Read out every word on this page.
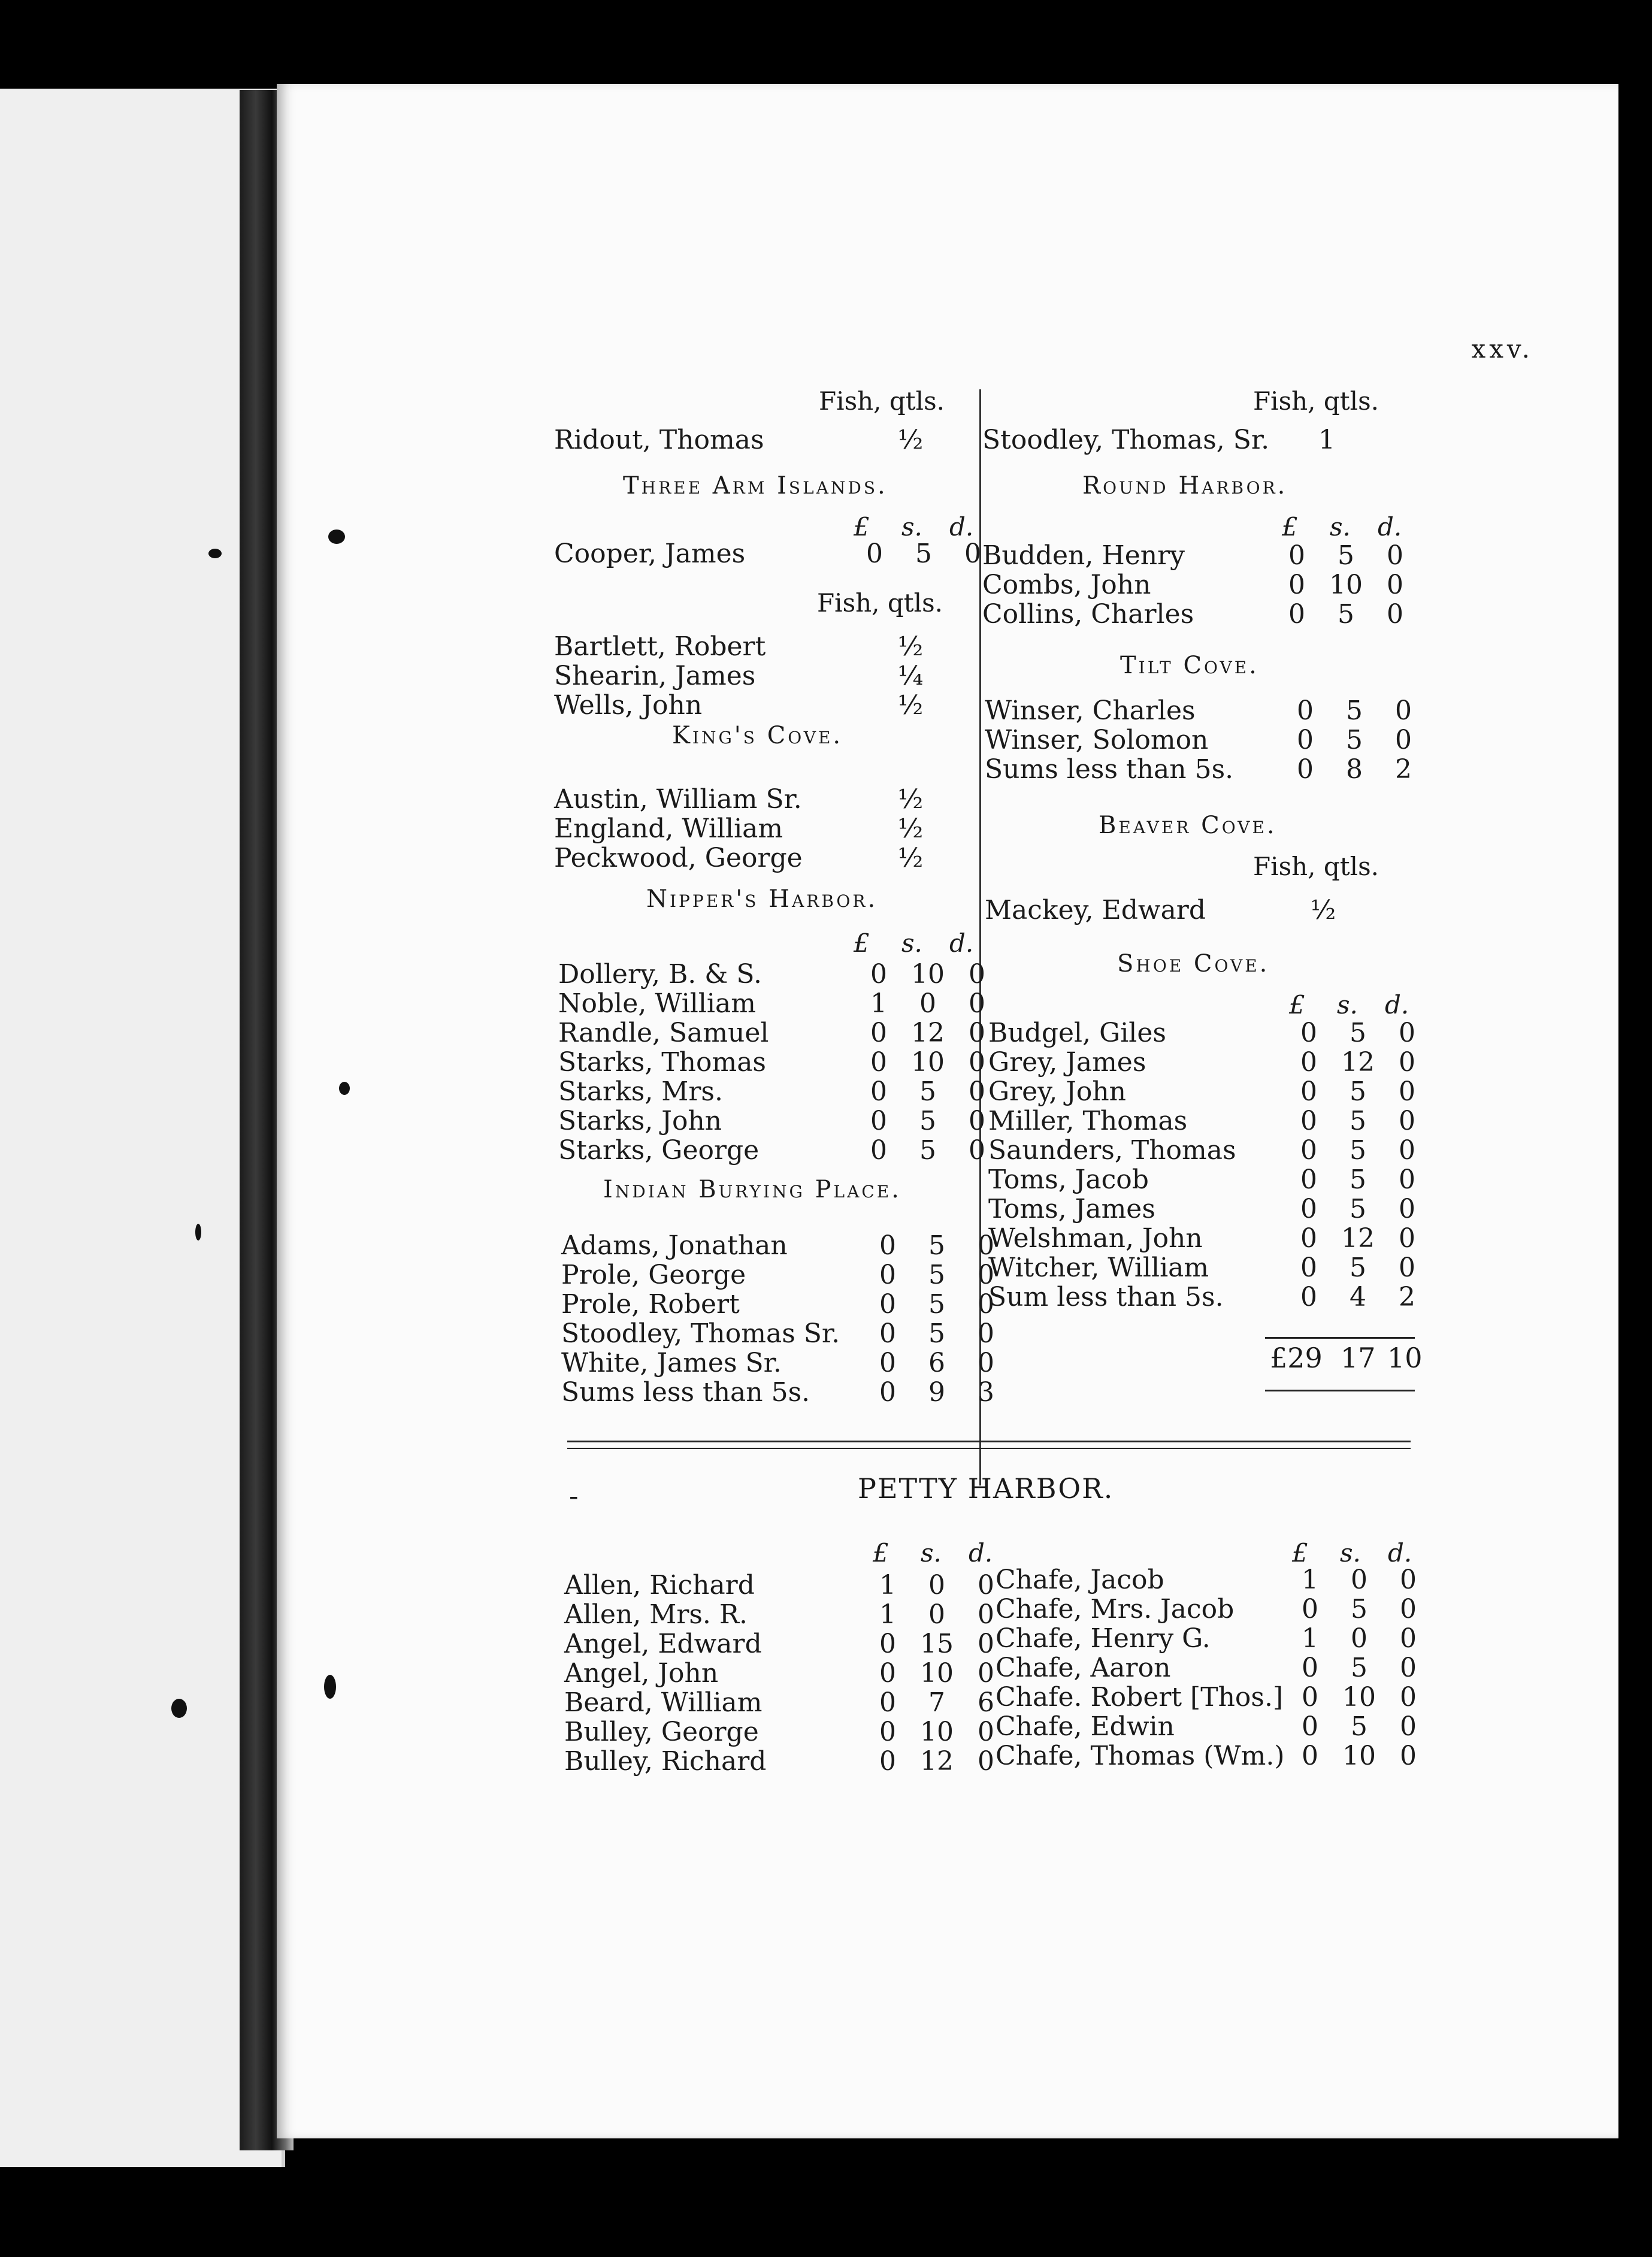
xxv.
Fish, qtls.
Ridout, Thomas	½
Three Arm Islands.
£ s. d.
Cooper, James	0	5	0
Fish, qtls.
Bartlett, Robert	½
Shearin, James	¼
Wells, John	½
King's Cove.
Austin, William Sr.	½
England, William	½
Peckwood, George	½
Nipper's Harbor.
£ s. d.
Dollery, B. & S.	0 10 0
Noble, William	1	0	0
Randle, Samuel	0 12 0
Starks, Thomas	0 10 0
Starks, Mrs.	0	5	0
Starks, John	0	5	0
Starks, George	0	5	0
Indian Burying Place.
Adams, Jonathan	0	5	0
Prole, George	0	5	0
Prole, Robert	0	5	0
Stoodley, Thomas Sr.	0	5	0
White, James Sr.	0	6	0
Sums less than 5s.	0	9	3
Fish, qtls.
Stoodley, Thomas, Sr.	1
Round Harbor.
£ s. d.
Budden, Henry	0	5	0
Combs, John	0 10 0
Collins, Charles	0	5	0
Tilt Cove.
Winser, Charles	0	5	0
Winser, Solomon	0	5	0
Sums less than 5s.	0	8	2
Beaver Cove.
Fish, qtls.
Mackey, Edward	½
Shoe Cove.
£ s. d.
Budgel, Giles	0	5	0
Grey, James	0 12 0
Grey, John	0	5	0
Miller, Thomas	0	5	0
Saunders, Thomas	0	5	0
Toms, Jacob	0	5	0
Toms, James	0	5	0
Welshman, John	0 12 0
Witcher, William	0	5	0
Sum less than 5s.	0	4	2
£29 17 10
-	PETTY HARBOR.
£ s. d.	£ s. d.
Allen, Richard	1	0	0
Allen, Mrs. R.	1	0	0
Angel, Edward	0 15 0
Angel, John	0 10 0
Beard, William	0	7	6
Bulley, George	0 10 0
Bulley, Richard	0 12 0
Chafe, Jacob	1	0	0
Chafe, Mrs. Jacob	0	5	0
Chafe, Henry G.	1	0	0
Chafe, Aaron	0	5	0
Chafe. Robert [Thos.] 0 10 0
Chafe, Edwin	0	5	0
Chafe, Thomas (Wm.) 0 10 0
